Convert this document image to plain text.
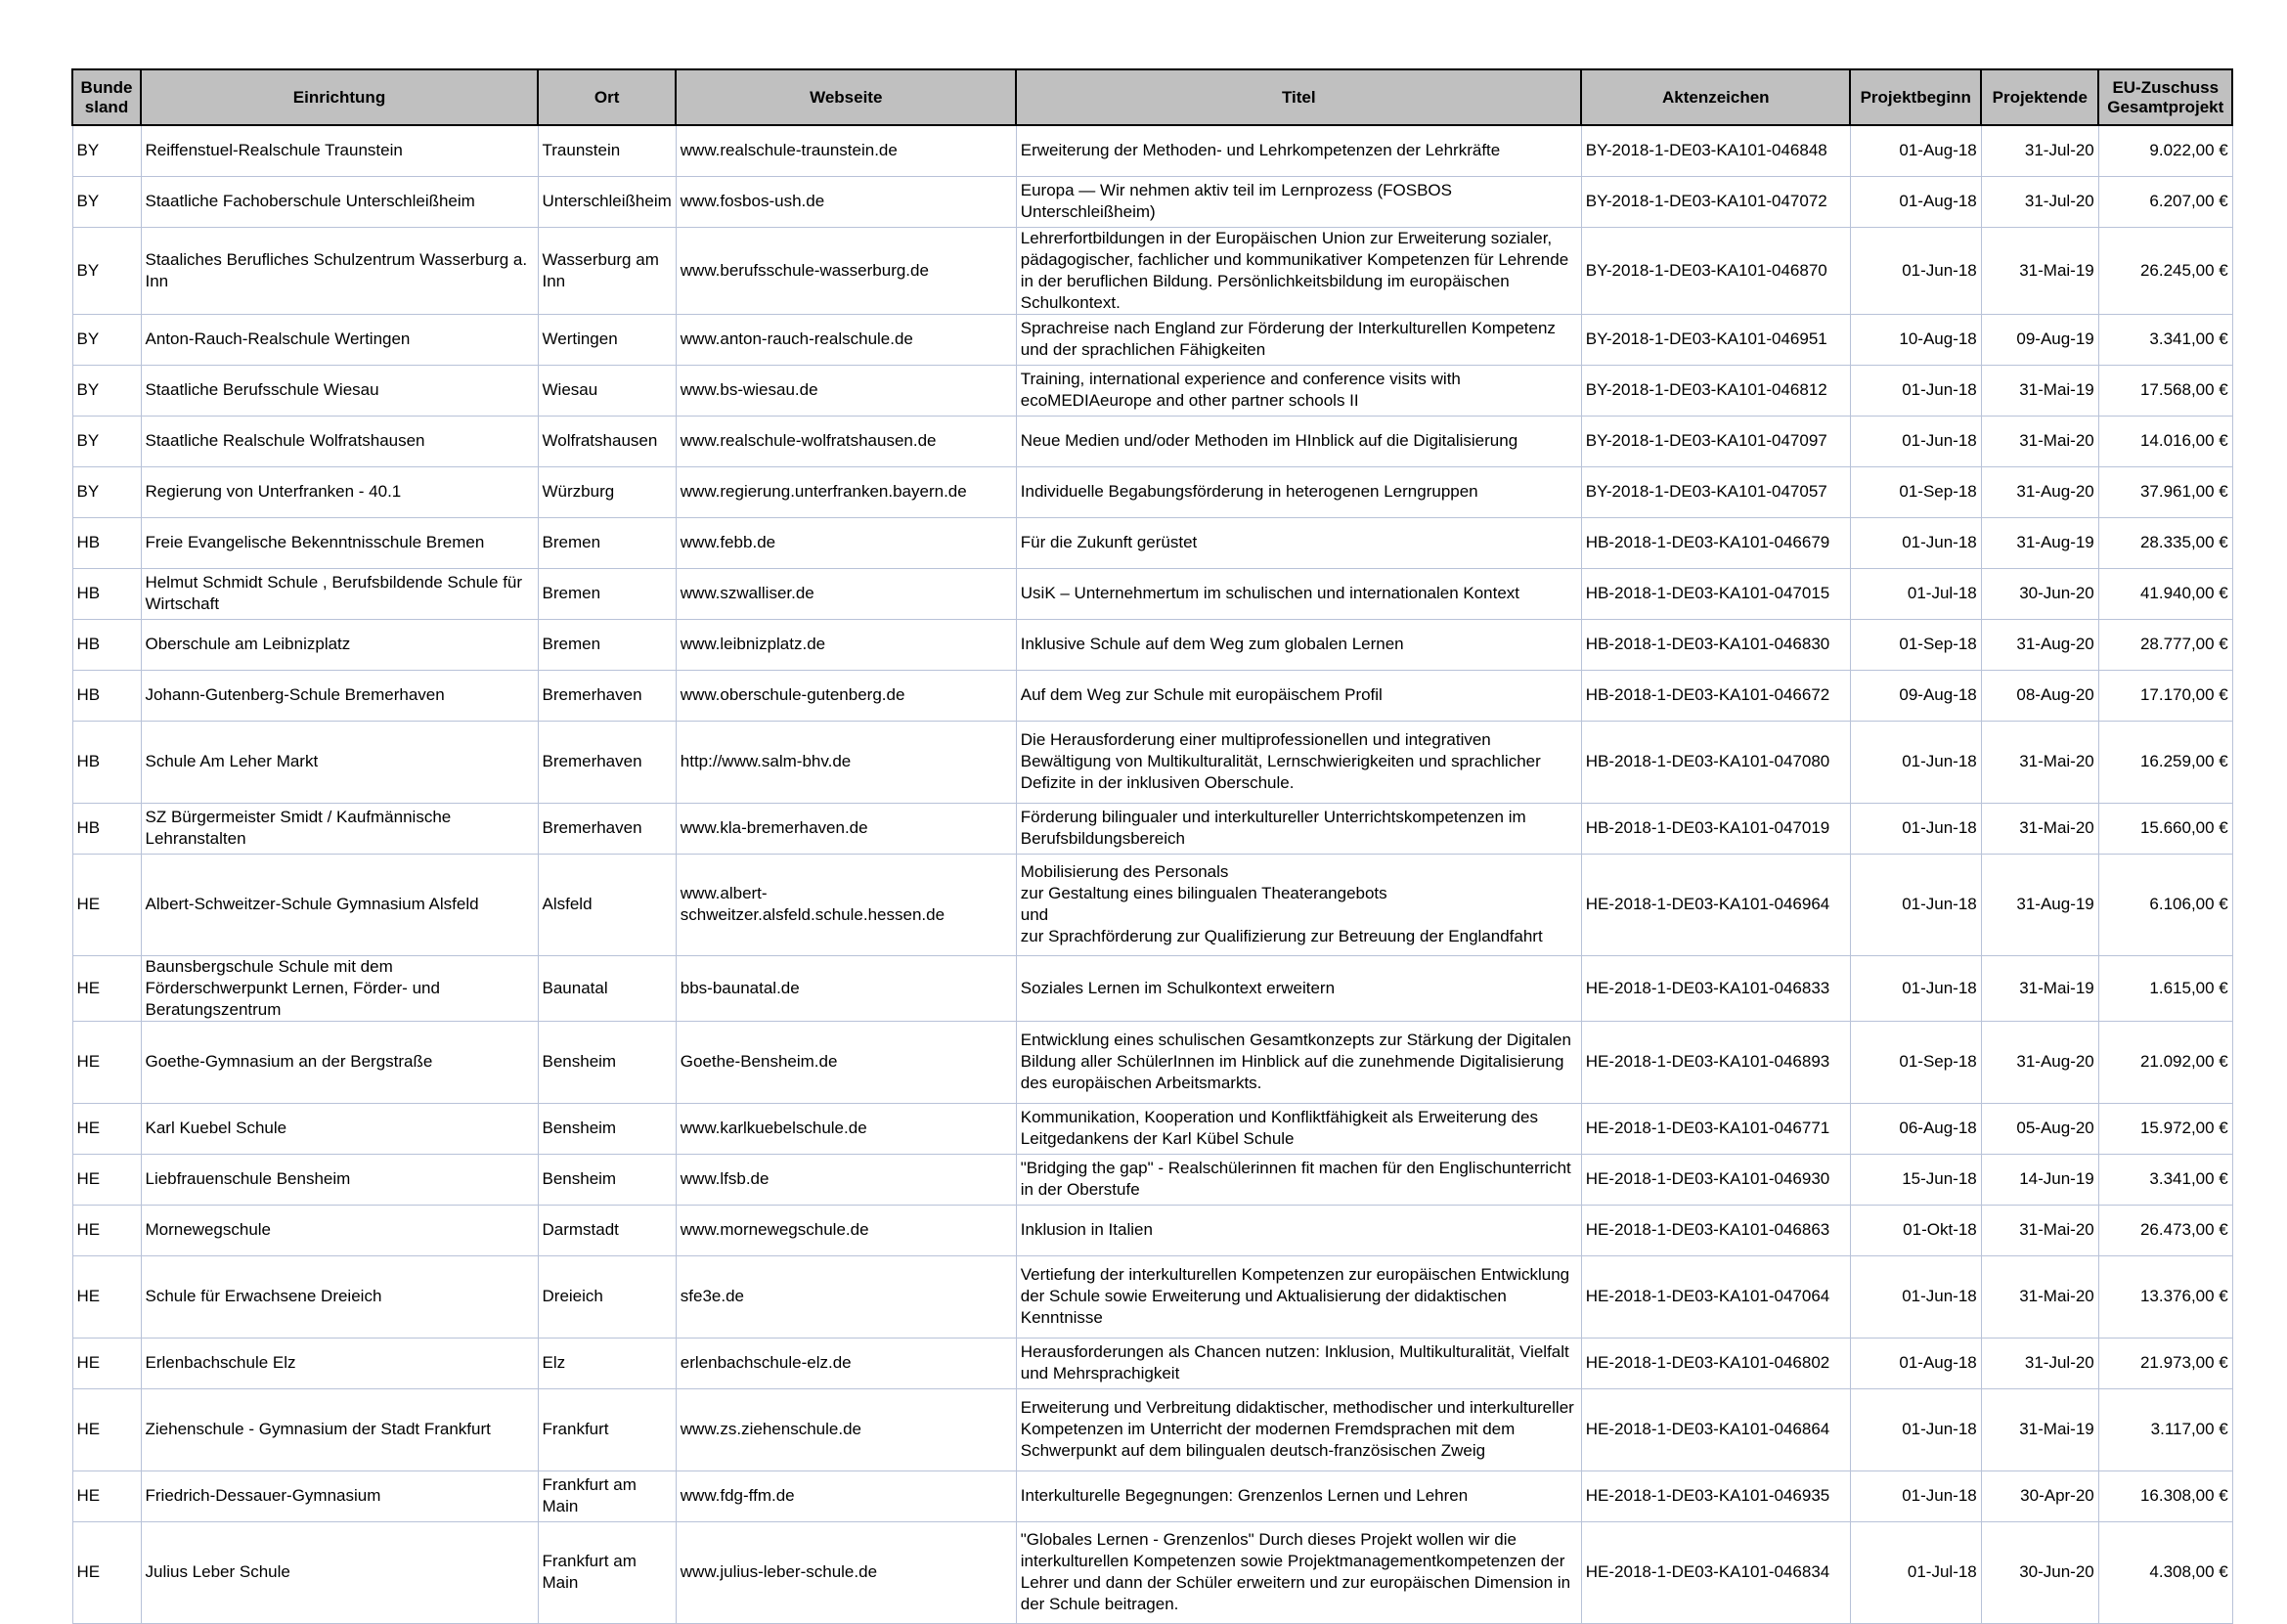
Bunde sland	Einrichtung	Ort	Webseite	Titel	Aktenzeichen	Projektbeginn	Projektende	EU-Zuschuss Gesamtprojekt
BY	Reiffenstuel-Realschule Traunstein	Traunstein	www.realschule-traunstein.de	Erweiterung der Methoden- und Lehrkompetenzen der Lehrkräfte	BY-2018-1-DE03-KA101-046848	01-Aug-18	31-Jul-20	9.022,00 €
BY	Staatliche Fachoberschule Unterschleißheim	Unterschleißheim	www.fosbos-ush.de	Europa — Wir nehmen aktiv teil im Lernprozess (FOSBOS Unterschleißheim)	BY-2018-1-DE03-KA101-047072	01-Aug-18	31-Jul-20	6.207,00 €
BY	Staaliches Berufliches Schulzentrum Wasserburg a. Inn	Wasserburg am Inn	www.berufsschule-wasserburg.de	Lehrerfortbildungen in der Europäischen Union zur Erweiterung sozialer, pädagogischer, fachlicher und kommunikativer Kompetenzen für Lehrende in der beruflichen Bildung. Persönlichkeitsbildung im europäischen Schulkontext.	BY-2018-1-DE03-KA101-046870	01-Jun-18	31-Mai-19	26.245,00 €
BY	Anton-Rauch-Realschule Wertingen	Wertingen	www.anton-rauch-realschule.de	Sprachreise nach England zur Förderung der Interkulturellen Kompetenz und der sprachlichen Fähigkeiten	BY-2018-1-DE03-KA101-046951	10-Aug-18	09-Aug-19	3.341,00 €
BY	Staatliche Berufsschule Wiesau	Wiesau	www.bs-wiesau.de	Training, international experience and conference visits with ecoMEDIAeurope and other partner schools II	BY-2018-1-DE03-KA101-046812	01-Jun-18	31-Mai-19	17.568,00 €
BY	Staatliche Realschule Wolfratshausen	Wolfratshausen	www.realschule-wolfratshausen.de	Neue Medien und/oder Methoden im HInblick auf die Digitalisierung	BY-2018-1-DE03-KA101-047097	01-Jun-18	31-Mai-20	14.016,00 €
BY	Regierung von Unterfranken - 40.1	Würzburg	www.regierung.unterfranken.bayern.de	Individuelle Begabungsförderung in heterogenen Lerngruppen	BY-2018-1-DE03-KA101-047057	01-Sep-18	31-Aug-20	37.961,00 €
HB	Freie Evangelische Bekenntnisschule Bremen	Bremen	www.febb.de	Für die Zukunft gerüstet	HB-2018-1-DE03-KA101-046679	01-Jun-18	31-Aug-19	28.335,00 €
HB	Helmut Schmidt Schule , Berufsbildende Schule für Wirtschaft	Bremen	www.szwalliser.de	UsiK – Unternehmertum im schulischen und internationalen Kontext	HB-2018-1-DE03-KA101-047015	01-Jul-18	30-Jun-20	41.940,00 €
HB	Oberschule am Leibnizplatz	Bremen	www.leibnizplatz.de	Inklusive Schule auf dem Weg zum globalen Lernen	HB-2018-1-DE03-KA101-046830	01-Sep-18	31-Aug-20	28.777,00 €
HB	Johann-Gutenberg-Schule Bremerhaven	Bremerhaven	www.oberschule-gutenberg.de	Auf dem Weg zur Schule mit europäischem Profil	HB-2018-1-DE03-KA101-046672	09-Aug-18	08-Aug-20	17.170,00 €
HB	Schule Am Leher Markt	Bremerhaven	http://www.salm-bhv.de	Die Herausforderung einer multiprofessionellen und integrativen Bewältigung von Multikulturalität, Lernschwierigkeiten und sprachlicher Defizite in der inklusiven Oberschule.	HB-2018-1-DE03-KA101-047080	01-Jun-18	31-Mai-20	16.259,00 €
HB	SZ Bürgermeister Smidt / Kaufmännische Lehranstalten	Bremerhaven	www.kla-bremerhaven.de	Förderung bilingualer und interkultureller Unterrichtskompetenzen im Berufsbildungsbereich	HB-2018-1-DE03-KA101-047019	01-Jun-18	31-Mai-20	15.660,00 €
HE	Albert-Schweitzer-Schule Gymnasium Alsfeld	Alsfeld	www.albert-schweitzer.alsfeld.schule.hessen.de	Mobilisierung des Personals
zur Gestaltung eines bilingualen Theaterangebots
und
zur Sprachförderung zur Qualifizierung zur Betreuung der Englandfahrt	HE-2018-1-DE03-KA101-046964	01-Jun-18	31-Aug-19	6.106,00 €
HE	Baunsbergschule Schule mit dem Förderschwerpunkt Lernen, Förder- und Beratungszentrum	Baunatal	bbs-baunatal.de	Soziales Lernen im Schulkontext erweitern	HE-2018-1-DE03-KA101-046833	01-Jun-18	31-Mai-19	1.615,00 €
HE	Goethe-Gymnasium an der Bergstraße	Bensheim	Goethe-Bensheim.de	Entwicklung eines schulischen Gesamtkonzepts zur Stärkung der Digitalen Bildung aller SchülerInnen im Hinblick auf die zunehmende Digitalisierung des europäischen Arbeitsmarkts.	HE-2018-1-DE03-KA101-046893	01-Sep-18	31-Aug-20	21.092,00 €
HE	Karl Kuebel Schule	Bensheim	www.karlkuebelschule.de	Kommunikation, Kooperation und Konfliktfähigkeit als Erweiterung des Leitgedankens der Karl Kübel Schule	HE-2018-1-DE03-KA101-046771	06-Aug-18	05-Aug-20	15.972,00 €
HE	Liebfrauenschule Bensheim	Bensheim	www.lfsb.de	"Bridging the gap" - Realschülerinnen fit machen für den Englischunterricht in der Oberstufe	HE-2018-1-DE03-KA101-046930	15-Jun-18	14-Jun-19	3.341,00 €
HE	Mornewegschule	Darmstadt	www.mornewegschule.de	Inklusion in Italien	HE-2018-1-DE03-KA101-046863	01-Okt-18	31-Mai-20	26.473,00 €
HE	Schule für Erwachsene Dreieich	Dreieich	sfe3e.de	Vertiefung der interkulturellen Kompetenzen zur europäischen Entwicklung der Schule sowie Erweiterung und Aktualisierung der didaktischen Kenntnisse	HE-2018-1-DE03-KA101-047064	01-Jun-18	31-Mai-20	13.376,00 €
HE	Erlenbachschule Elz	Elz	erlenbachschule-elz.de	Herausforderungen als Chancen nutzen: Inklusion, Multikulturalität, Vielfalt und Mehrsprachigkeit	HE-2018-1-DE03-KA101-046802	01-Aug-18	31-Jul-20	21.973,00 €
HE	Ziehenschule - Gymnasium der Stadt Frankfurt	Frankfurt	www.zs.ziehenschule.de	Erweiterung und Verbreitung didaktischer, methodischer und interkultureller Kompetenzen im Unterricht der modernen Fremdsprachen mit dem Schwerpunkt auf dem bilingualen deutsch-französischen Zweig	HE-2018-1-DE03-KA101-046864	01-Jun-18	31-Mai-19	3.117,00 €
HE	Friedrich-Dessauer-Gymnasium	Frankfurt am Main	www.fdg-ffm.de	Interkulturelle Begegnungen: Grenzenlos Lernen und Lehren	HE-2018-1-DE03-KA101-046935	01-Jun-18	30-Apr-20	16.308,00 €
HE	Julius Leber Schule	Frankfurt am Main	www.julius-leber-schule.de	"Globales Lernen - Grenzenlos" Durch dieses Projekt wollen wir die interkulturellen Kompetenzen sowie Projektmanagementkompetenzen der Lehrer und dann der Schüler erweitern und zur europäischen Dimension in der Schule beitragen.	HE-2018-1-DE03-KA101-046834	01-Jul-18	30-Jun-20	4.308,00 €
